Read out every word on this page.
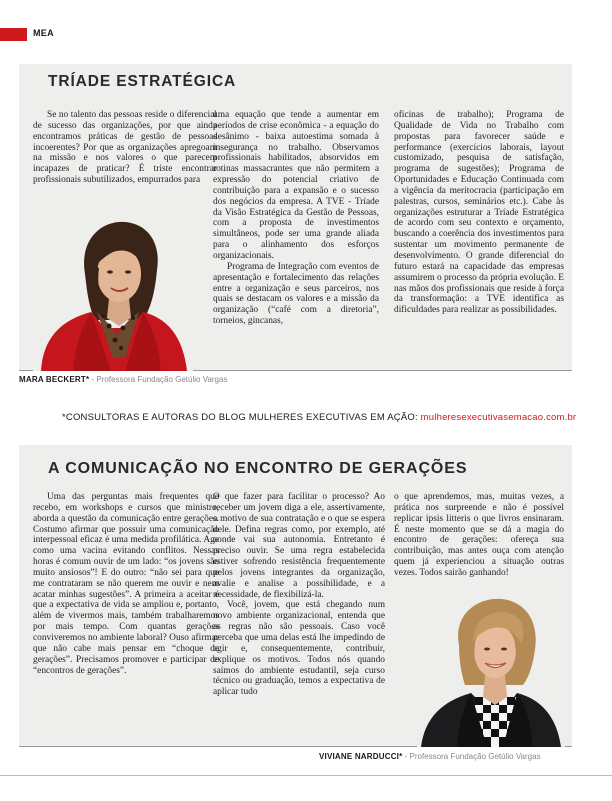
MEA
TRÍADE ESTRATÉGICA

Se no talento das pessoas reside o diferencial de sucesso das organizações, por que ainda encontramos práticas de gestão de pessoas incoerentes? Por que as organizações apregoam na missão e nos valores o que parecem incapazes de praticar? É triste encontrar profissionais subutilizados, empurrados para

uma equação que tende a aumentar em períodos de crise econômica - a equação do desânimo - baixa autoestima somada à insegurança no trabalho. Observamos profissionais habilitados, absorvidos em rotinas massacrantes que não permitem a expressão do potencial criativo de contribuição para a expansão e o sucesso dos negócios da empresa. A TVE - Tríade da Visão Estratégica da Gestão de Pessoas, com a proposta de investimentos simultâneos, pode ser uma grande aliada para o alinhamento dos esforços organizacionais.

Programa de Integração com eventos de apresentação e fortalecimento das relações entre a organização e seus parceiros, nos quais se destacam os valores e a missão da organização (“café com a diretoria”, torneios, gincanas,

oficinas de trabalho); Programa de Qualidade de Vida no Trabalho com propostas para favorecer saúde e performance (exercícios laborais, layout customizado, pesquisa de satisfação, programa de sugestões); Programa de Oportunidades e Educação Continuada com a vigência da meritocracia (participação em palestras, cursos, seminários etc.). Cabe às organizações estruturar a Tríade Estratégica de acordo com seu contexto e orçamento, buscando a coerência dos investimentos para sustentar um movimento permanente de desenvolvimento. O grande diferencial do futuro estará na capacidade das empresas assumirem o processo da própria evolução. E nas mãos dos profissionais que reside à força da transformação: a TVE identifica as dificuldades para realizar as possibilidades.

MARA BECKERT* - Professora Fundação Getúlio Vargas
*CONSULTORAS E AUTORAS DO BLOG MULHERES EXECUTIVAS EM AÇÃO: mulheresexecutivasemacao.com.br
A COMUNICAÇÃO NO ENCONTRO DE GERAÇÕES

Uma das perguntas mais frequentes que recebo, em workshops e cursos que ministro, aborda a questão da comunicação entre gerações. Costumo afirmar que possuir uma comunicação interpessoal eficaz é uma medida profilática. Age como uma vacina evitando conflitos. Nessas horas é comum ouvir de um lado: “os jovens são muito ansiosos”! E do outro: “não sei para que me contrataram se não querem me ouvir e nem acatar minhas sugestões”. A primeira a aceitar é que a expectativa de vida se ampliou e, portanto, além de vivermos mais, também trabalharemos por mais tempo. Com quantas gerações conviveremos no ambiente laboral? Ouso afirmar que não cabe mais pensar em “choque de gerações”. Precisamos promover e participar de “encontros de gerações”.

O que fazer para facilitar o processo? Ao receber um jovem diga a ele, assertivamente, o motivo de sua contratação e o que se espera dele. Defina regras como, por exemplo, até aonde vai sua autonomia. Entretanto é preciso ouvir. Se uma regra estabelecida estiver sofrendo resistência frequentemente pelos jovens integrantes da organização, avalie e analise a possibilidade, e a necessidade, de flexibilizá-la.

Você, jovem, que está chegando num novo ambiente organizacional, entenda que as regras não são pessoais. Caso você perceba que uma delas está lhe impedindo de agir e, consequentemente, contribuir, explique os motivos. Todos nós quando saímos do ambiente estudantil, seja curso técnico ou graduação, temos a expectativa de aplicar tudo

o que aprendemos, mas, muitas vezes, a prática nos surpreende e não é possível replicar ipsis litteris o que livros ensinaram. É neste momento que se dá a magia do encontro de gerações: ofereça sua contribuição, mas antes ouça com atenção quem já experienciou a situação outras vezes. Todos sairão ganhando!

VIVIANE NARDUCCI* - Professora Fundação Getúlio Vargas
